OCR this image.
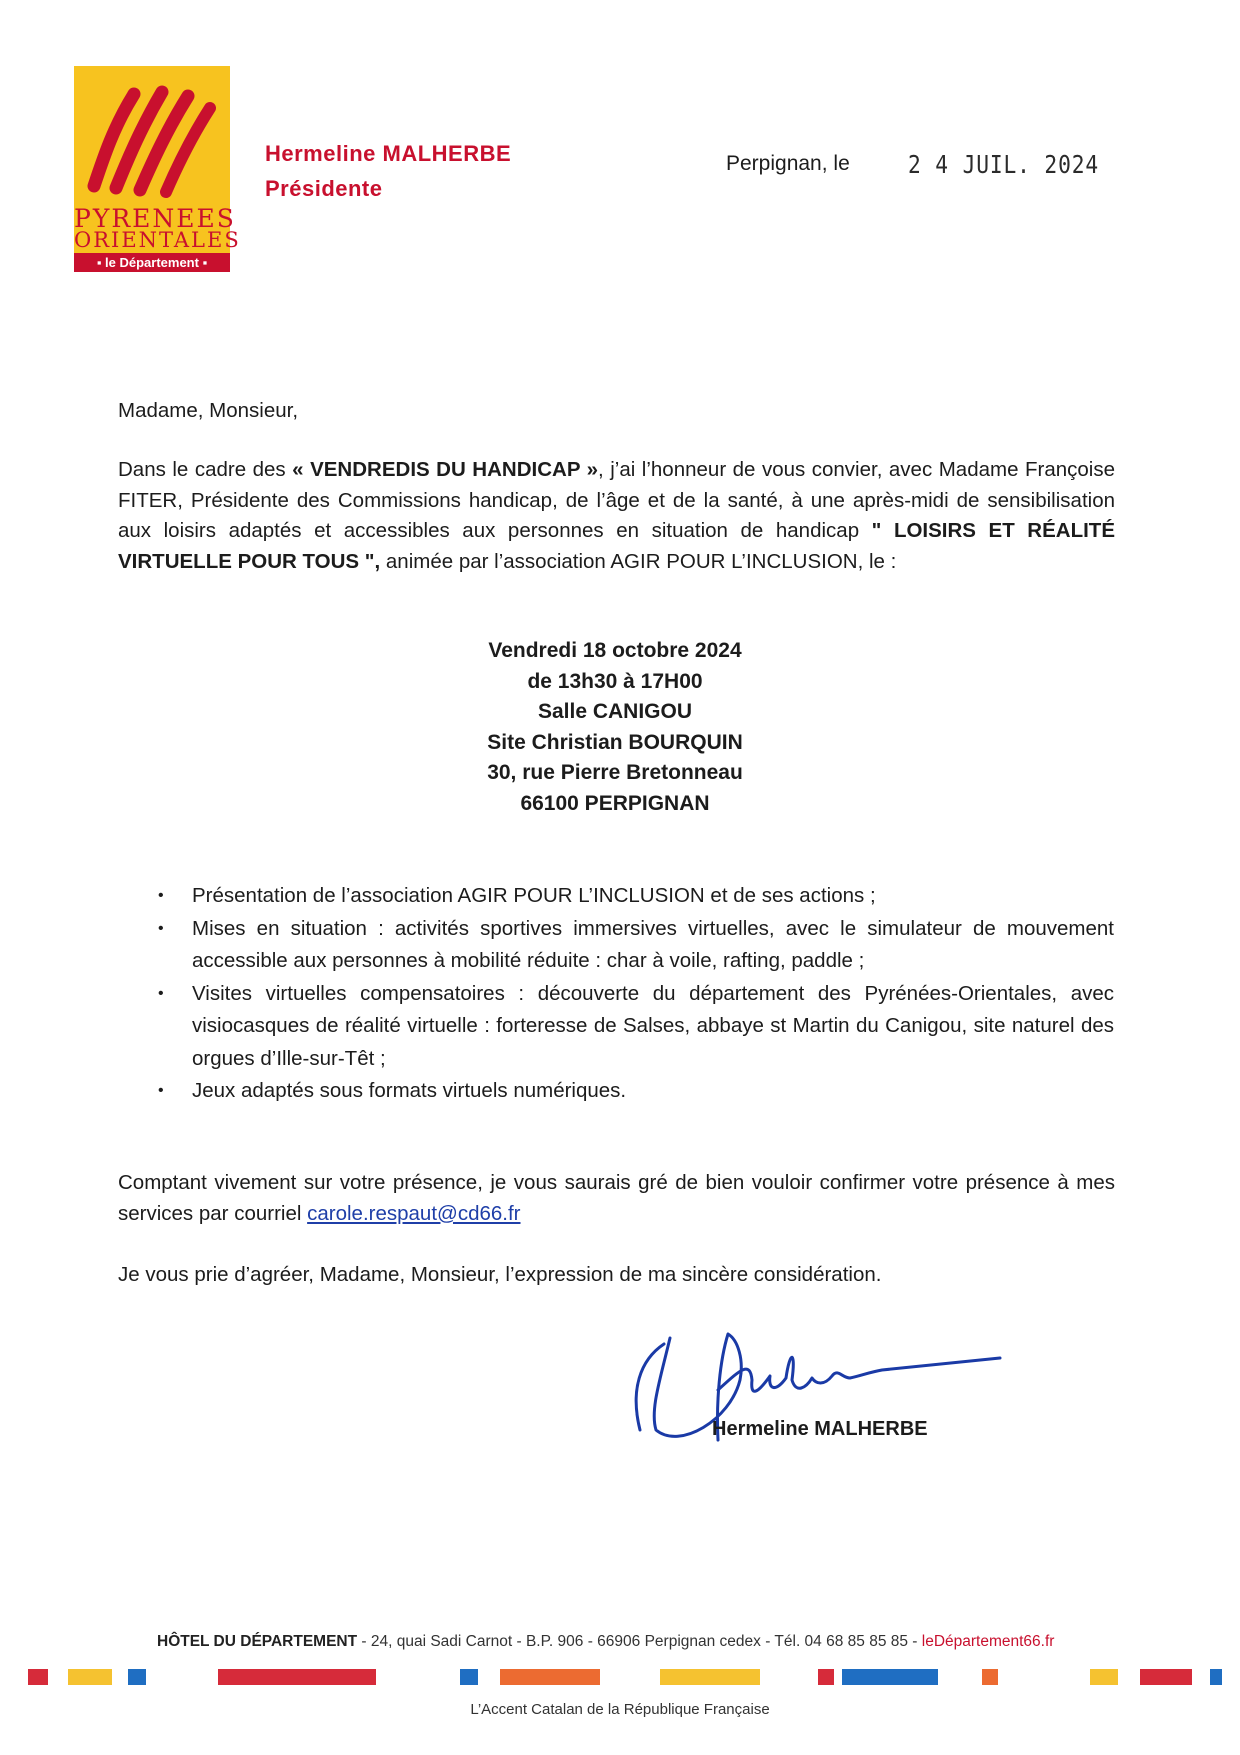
PYRENEES
ORIENTALES
▪ le Département ▪
Hermeline MALHERBE
Présidente
Perpignan, le 2 4 JUIL. 2024
Madame, Monsieur,
Dans le cadre des « VENDREDIS DU HANDICAP », j’ai l’honneur de vous convier, avec Madame Françoise FITER, Présidente des Commissions handicap, de l’âge et de la santé, à une après-midi de sensibilisation aux loisirs adaptés et accessibles aux personnes en situation de handicap " LOISIRS ET RÉALITÉ VIRTUELLE POUR TOUS ", animée par l’association AGIR POUR L’INCLUSION, le :
Vendredi 18 octobre 2024
de 13h30 à 17H00
Salle CANIGOU
Site Christian BOURQUIN
30, rue Pierre Bretonneau
66100 PERPIGNAN
• Présentation de l’association AGIR POUR L’INCLUSION et de ses actions ;
• Mises en situation : activités sportives immersives virtuelles, avec le simulateur de mouvement accessible aux personnes à mobilité réduite : char à voile, rafting, paddle ;
• Visites virtuelles compensatoires : découverte du département des Pyrénées-Orientales, avec visiocasques de réalité virtuelle : forteresse de Salses, abbaye st Martin du Canigou, site naturel des orgues d’Ille-sur-Têt ;
• Jeux adaptés sous formats virtuels numériques.
Comptant vivement sur votre présence, je vous saurais gré de bien vouloir confirmer votre présence à mes services par courriel carole.respaut@cd66.fr
Je vous prie d’agréer, Madame, Monsieur, l’expression de ma sincère considération.
Hermeline MALHERBE
HÔTEL DU DÉPARTEMENT - 24, quai Sadi Carnot - B.P. 906 - 66906 Perpignan cedex - Tél. 04 68 85 85 85 - leDépartement66.fr
L’Accent Catalan de la République Française
